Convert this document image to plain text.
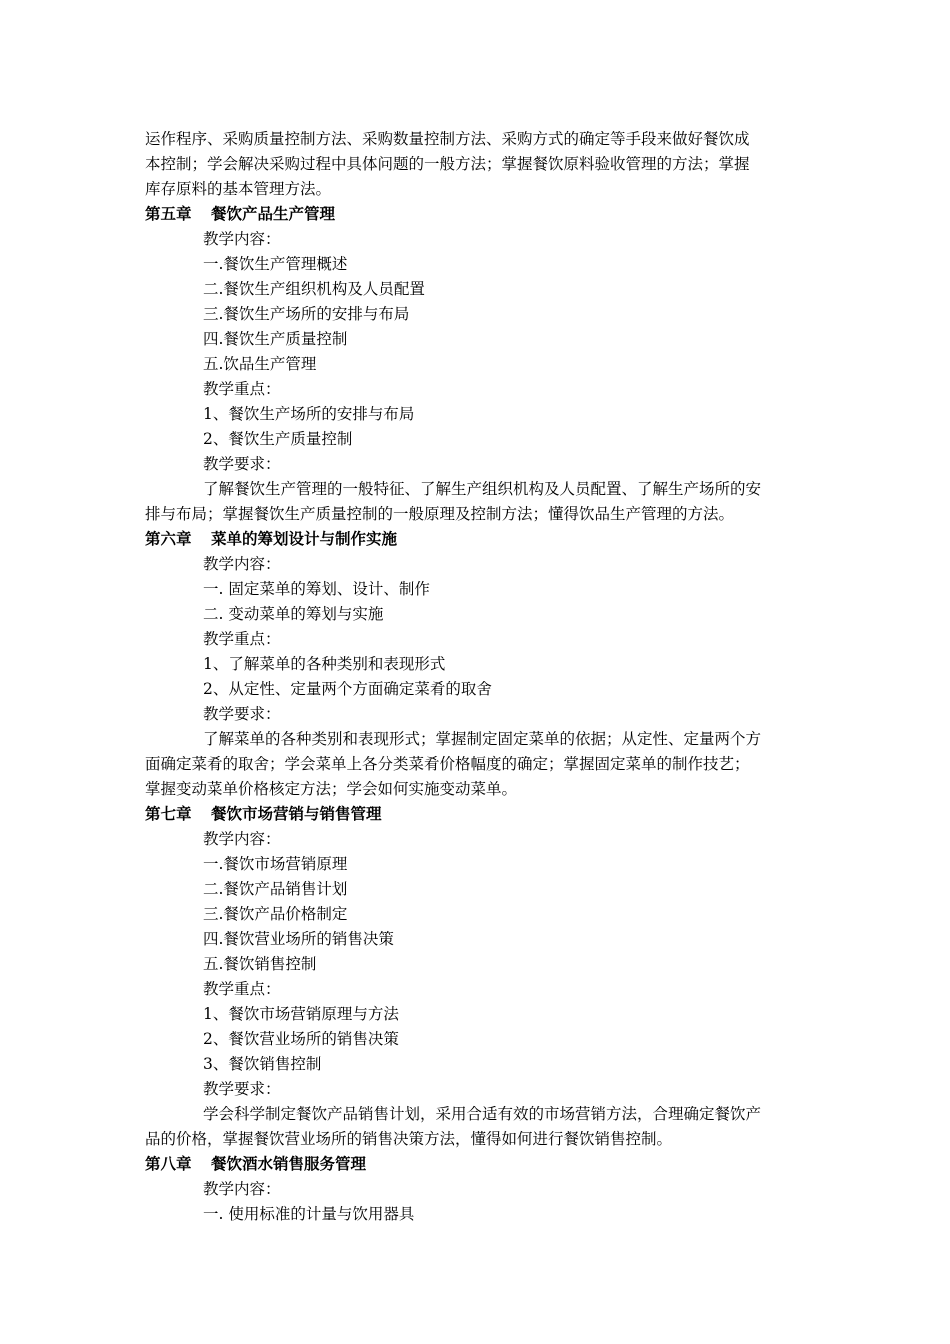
运作程序、采购质量控制方法、采购数量控制方法、采购方式的确定等手段来做好餐饮成

本控制；学会解决采购过程中具体问题的一般方法；掌握餐饮原料验收管理的方法；掌握

库存原料的基本管理方法。

第五章 餐饮产品生产管理

教学内容：

一.餐饮生产管理概述

二.餐饮生产组织机构及人员配置

三.餐饮生产场所的安排与布局

四.餐饮生产质量控制

五.饮品生产管理

教学重点：

1、餐饮生产场所的安排与布局

2、餐饮生产质量控制

教学要求：

了解餐饮生产管理的一般特征、了解生产组织机构及人员配置、了解生产场所的安

排与布局；掌握餐饮生产质量控制的一般原理及控制方法；懂得饮品生产管理的方法。

第六章 菜单的筹划设计与制作实施

教学内容：

一. 固定菜单的筹划、设计、制作

二. 变动菜单的筹划与实施

教学重点：

1、了解菜单的各种类别和表现形式

2、从定性、定量两个方面确定菜肴的取舍

教学要求：

了解菜单的各种类别和表现形式；掌握制定固定菜单的依据；从定性、定量两个方

面确定菜肴的取舍；学会菜单上各分类菜肴价格幅度的确定；掌握固定菜单的制作技艺；

掌握变动菜单价格核定方法；学会如何实施变动菜单。

第七章 餐饮市场营销与销售管理

教学内容：

一.餐饮市场营销原理

二.餐饮产品销售计划

三.餐饮产品价格制定

四.餐饮营业场所的销售决策

五.餐饮销售控制

教学重点：

1、餐饮市场营销原理与方法

2、餐饮营业场所的销售决策

3、餐饮销售控制

教学要求：

学会科学制定餐饮产品销售计划，采用合适有效的市场营销方法，合理确定餐饮产

品的价格，掌握餐饮营业场所的销售决策方法，懂得如何进行餐饮销售控制。

第八章 餐饮酒水销售服务管理

教学内容：

一. 使用标准的计量与饮用器具
